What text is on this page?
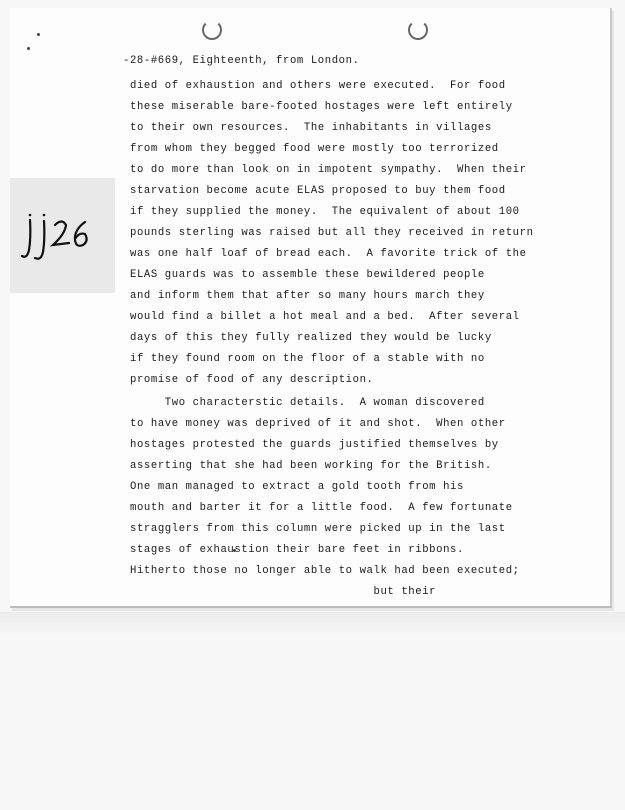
-28-#669, Eighteenth, from London.
died of exhaustion and others were executed.  For food
these miserable bare-footed hostages were left entirely
to their own resources.  The inhabitants in villages
from whom they begged food were mostly too terrorized
to do more than look on in impotent sympathy.  When their
starvation become acute ELAS proposed to buy them food
if they supplied the money.  The equivalent of about 100
pounds sterling was raised but all they received in return
was one half loaf of bread each.  A favorite trick of the
ELAS guards was to assemble these bewildered people
and inform them that after so many hours march they
would find a billet a hot meal and a bed.  After several
days of this they fully realized they would be lucky
if they found room on the floor of a stable with no
promise of food of any description.
Two characterstic details.  A woman discovered
to have money was deprived of it and shot.  When other
hostages protested the guards justified themselves by
asserting that she had been working for the British.
One man managed to extract a gold tooth from his
mouth and barter it for a little food.  A few fortunate
stragglers from this column were picked up in the last
stages of exhaustion their bare feet in ribbons.
Hitherto those no longer able to walk had been executed;
but their
